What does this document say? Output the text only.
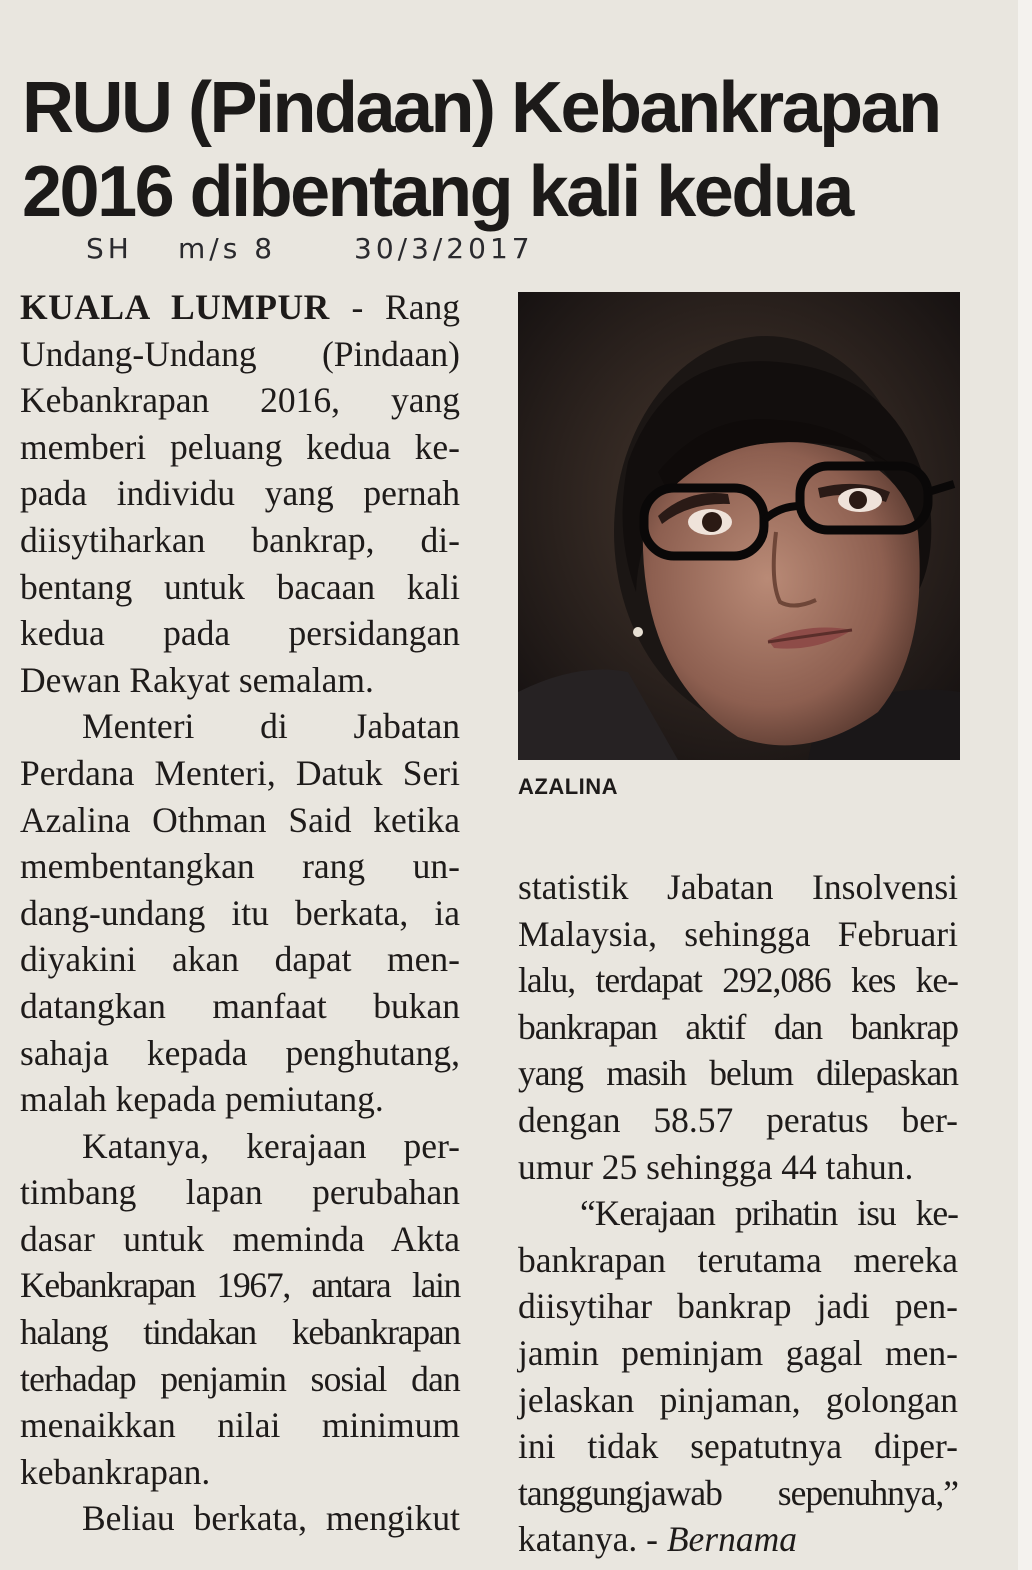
RUU (Pindaan) Kebankrapan
2016 dibentang kali kedua
SH m/s 8	30/3/2017
KUALA LUMPUR - Rang
Undang-Undang (Pindaan)
Kebankrapan 2016, yang
memberi peluang kedua ke-
pada individu yang pernah
diisytiharkan bankrap, di-
bentang untuk bacaan kali
kedua pada persidangan
Dewan Rakyat semalam.
Menteri di Jabatan
Perdana Menteri, Datuk Seri
Azalina Othman Said ketika
membentangkan rang un-
dang-undang itu berkata, ia
diyakini akan dapat men-
datangkan manfaat bukan
sahaja kepada penghutang,
malah kepada pemiutang.
Katanya, kerajaan per-
timbang lapan perubahan
dasar untuk meminda Akta
Kebankrapan 1967, antara lain
halang tindakan kebankrapan
terhadap penjamin sosial dan
menaikkan nilai minimum
kebankrapan.
Beliau berkata, mengikut
AZALINA
statistik Jabatan Insolvensi
Malaysia, sehingga Februari
lalu, terdapat 292,086 kes ke-
bankrapan aktif dan bankrap
yang masih belum dilepaskan
dengan 58.57 peratus ber-
umur 25 sehingga 44 tahun.
“Kerajaan prihatin isu ke-
bankrapan terutama mereka
diisytihar bankrap jadi pen-
jamin peminjam gagal men-
jelaskan pinjaman, golongan
ini tidak sepatutnya diper-
tanggungjawab sepenuhnya,”
katanya. - Bernama
